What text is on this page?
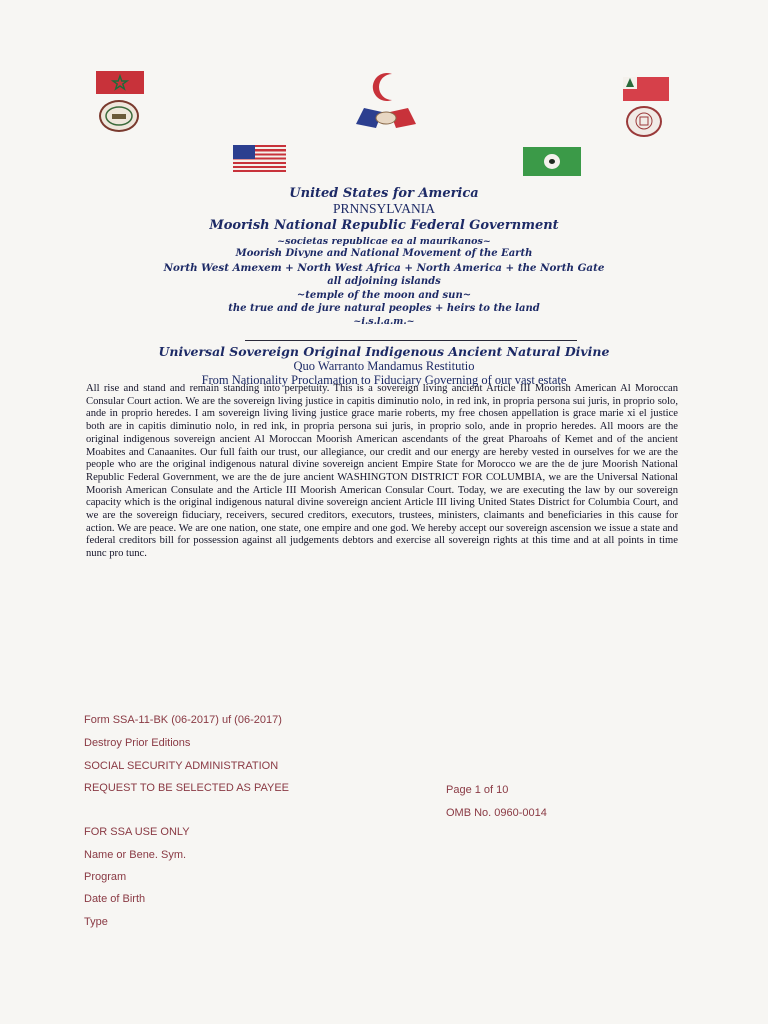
United States for America
PRNNSYLVANIA
Moorish National Republic Federal Government
~societas republicae ea al maurikanos~
Moorish Divyne and National Movement of the Earth
North West Amexem + North West Africa + North America + the North Gate
all adjoining islands
~temple of the moon and sun~
the true and de jure natural peoples + heirs to the land
~i.s.l.a.m.~
Universal Sovereign Original Indigenous Ancient Natural Divine
Quo Warranto Mandamus Restitutio
From Nationality Proclamation to Fiduciary Governing of our vast estate

All rise and stand and remain standing into perpetuity. This is a sovereign living ancient Article III Moorish American Al Moroccan Consular Court action. We are the sovereign living justice in capitis diminutio nolo, in red ink, in propria persona sui juris, in proprio solo, ande in proprio heredes. I am sovereign living living justice grace marie roberts, my free chosen appellation is grace marie xi el justice both are in capitis diminutio nolo, in red ink, in propria persona sui juris, in proprio solo, ande in proprio heredes. All moors are the original indigenous sovereign ancient Al Moroccan Moorish American ascendants of the great Pharoahs of Kemet and of the ancient Moabites and Canaanites. Our full faith our trust, our allegiance, our credit and our energy are hereby vested in ourselves for we are the people who are the original indigenous natural divine sovereign ancient Empire State for Morocco we are the de jure Moorish National Republic Federal Government, we are the de jure ancient WASHINGTON DISTRICT FOR COLUMBIA, we are the Universal National Moorish American Consulate and the Article III Moorish American Consular Court. Today, we are executing the law by our sovereign capacity which is the original indigenous natural divine sovereign ancient Article III living United States District for Columbia Court, and we are the sovereign fiduciary, receivers, secured creditors, executors, trustees, ministers, claimants and beneficiaries in this cause for action. We are peace. We are one nation, one state, one empire and one god. We hereby accept our sovereign ascension we issue a state and federal creditors bill for possession against all judgements debtors and exercise all sovereign rights at this time and at all points in time nunc pro tunc.

Form SSA-11-BK (06-2017) uf (06-2017)
Destroy Prior Editions
SOCIAL SECURITY ADMINISTRATION
REQUEST TO BE SELECTED AS PAYEE	Page 1 of 10
OMB No. 0960-0014
FOR SSA USE ONLY
Name or Bene. Sym.
Program
Date of Birth
Type
